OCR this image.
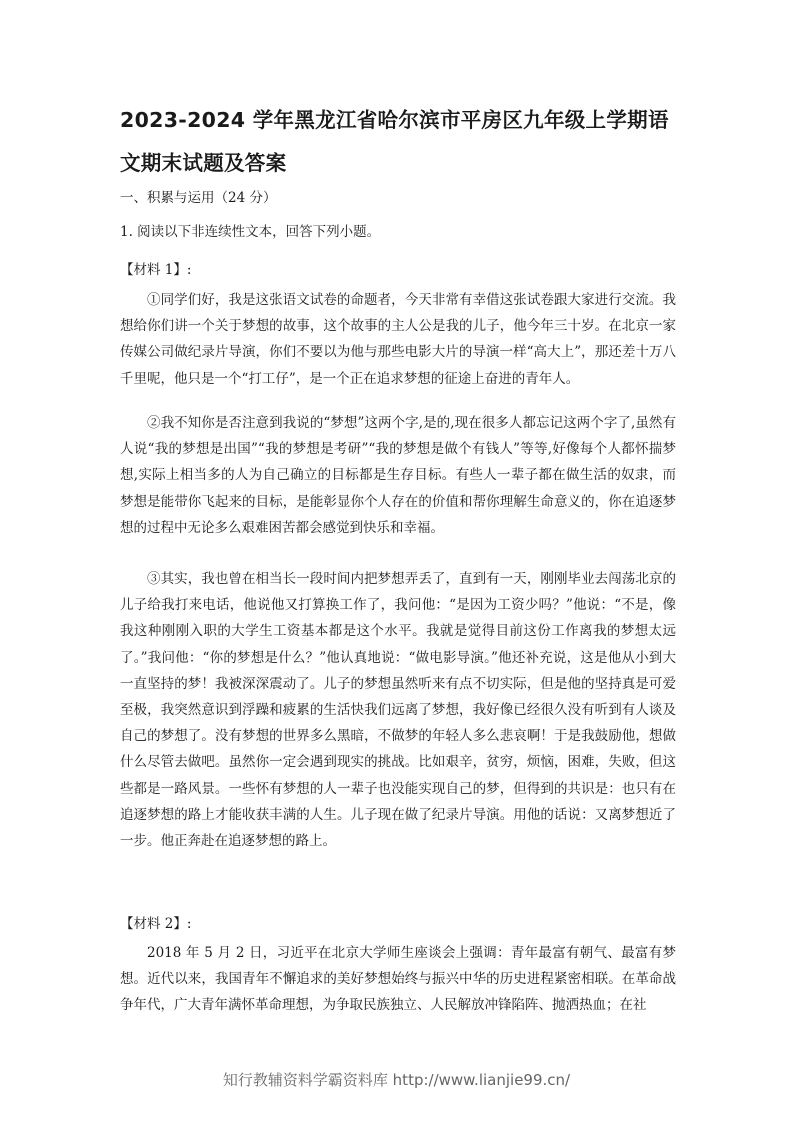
2023-2024 学年黑龙江省哈尔滨市平房区九年级上学期语文期末试题及答案
一、积累与运用（24 分）
1. 阅读以下非连续性文本，回答下列小题。
【材料 1】:
①同学们好，我是这张语文试卷的命题者，今天非常有幸借这张试卷跟大家进行交流。我想给你们讲一个关于梦想的故事，这个故事的主人公是我的儿子，他今年三十岁。在北京一家传媒公司做纪录片导演，你们不要以为他与那些电影大片的导演一样“高大上”，那还差十万八千里呢，他只是一个“打工仔”，是一个正在追求梦想的征途上奋进的青年人。
②我不知你是否注意到我说的“梦想”这两个字,是的,现在很多人都忘记这两个字了,虽然有人说“我的梦想是出国”“我的梦想是考研”“我的梦想是做个有钱人”等等,好像每个人都怀揣梦想,实际上相当多的人为自己确立的目标都是生存目标。有些人一辈子都在做生活的奴隶，而梦想是能带你飞起来的目标，是能彰显你个人存在的价值和帮你理解生命意义的，你在追逐梦想的过程中无论多么艰难困苦都会感觉到快乐和幸福。
③其实，我也曾在相当长一段时间内把梦想弄丢了，直到有一天，刚刚毕业去闯荡北京的儿子给我打来电话，他说他又打算换工作了，我问他：“是因为工资少吗？”他说：“不是，像我这种刚刚入职的大学生工资基本都是这个水平。我就是觉得目前这份工作离我的梦想太远了。”我问他：“你的梦想是什么？”他认真地说：“做电影导演。”他还补充说，这是他从小到大一直坚持的梦！我被深深震动了。儿子的梦想虽然听来有点不切实际，但是他的坚持真是可爱至极，我突然意识到浮躁和疲累的生活快我们远离了梦想，我好像已经很久没有听到有人谈及自己的梦想了。没有梦想的世界多么黑暗，不做梦的年轻人多么悲哀啊！于是我鼓励他，想做什么尽管去做吧。虽然你一定会遇到现实的挑战。比如艰辛，贫穷，烦恼，困难，失败，但这些都是一路风景。一些怀有梦想的人一辈子也没能实现自己的梦，但得到的共识是：也只有在追逐梦想的路上才能收获丰满的人生。儿子现在做了纪录片导演。用他的话说：又离梦想近了一步。他正奔赴在追逐梦想的路上。
【材料 2】:
2018 年 5 月 2 日，习近平在北京大学师生座谈会上强调：青年最富有朝气、最富有梦想。近代以来，我国青年不懈追求的美好梦想始终与振兴中华的历史进程紧密相联。在革命战争年代，广大青年满怀革命理想，为争取民族独立、人民解放冲锋陷阵、抛洒热血；在社
知行教辅资料学霸资料库 http://www.lianjie99.cn/
